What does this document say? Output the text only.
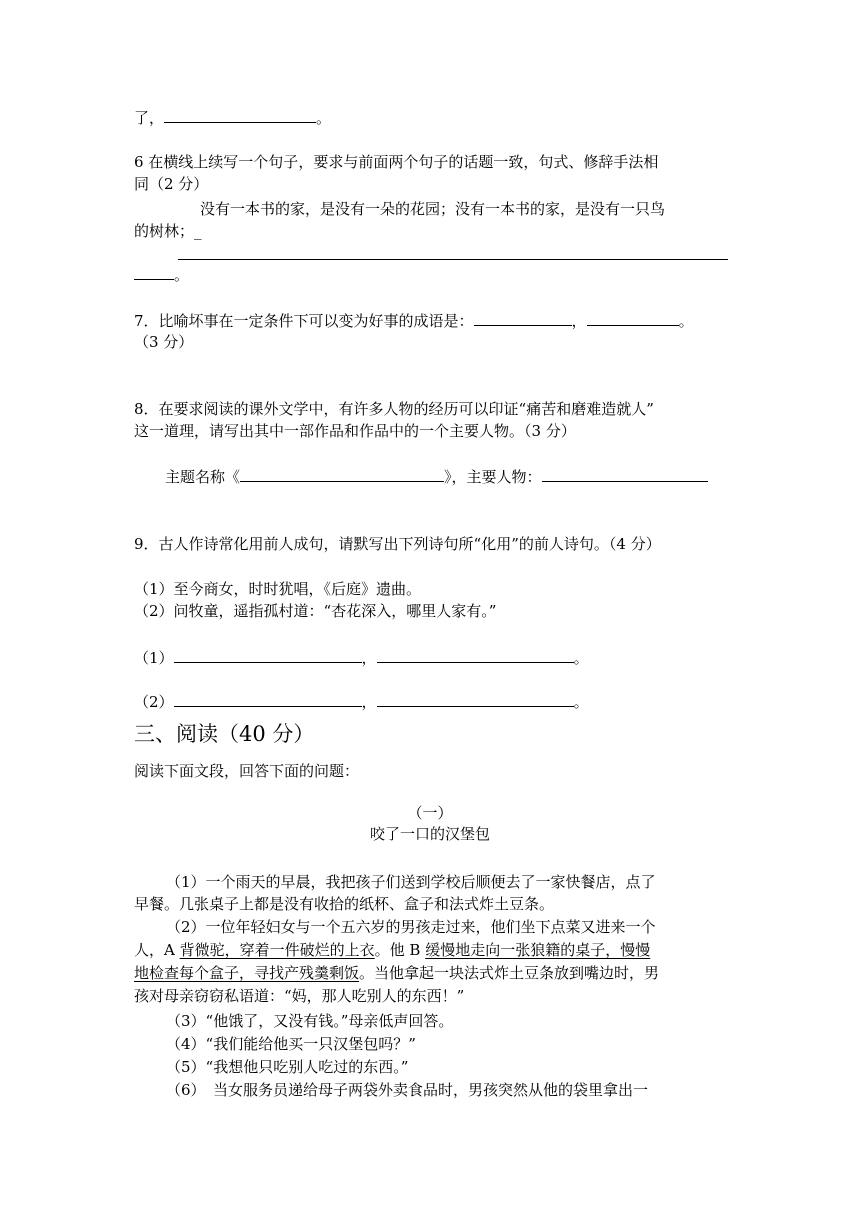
了，	。
6 在横线上续写一个句子，要求与前面两个句子的话题一致，句式、修辞手法相
同（2 分）
没有一本书的家，是没有一朵的花园；没有一本书的家，是没有一只鸟
的树林；_
。
7．比喻坏事在一定条件下可以变为好事的成语是：	，	。
（3 分）
8．在要求阅读的课外文学中，有许多人物的经历可以印证“痛苦和磨难造就人”
这一道理，请写出其中一部作品和作品中的一个主要人物。（3 分）
主题名称《	》，主要人物：
9．古人作诗常化用前人成句，请默写出下列诗句所“化用”的前人诗句。（4 分）
（1）至今商女，时时犹唱，《后庭》遗曲。
（2）问牧童，遥指孤村道：“杏花深入，哪里人家有。”
（1）	，	。
（2）	，	。
三、阅读（40 分）
阅读下面文段，回答下面的问题：
（一）
咬了一口的汉堡包
（1）一个雨天的早晨，我把孩子们送到学校后顺便去了一家快餐店，点了
早餐。几张桌子上都是没有收拾的纸杯、盒子和法式炸土豆条。
（2）一位年轻妇女与一个五六岁的男孩走过来，他们坐下点菜又进来一个
人，A 背微驼，穿着一件破烂的上衣。他 B 缓慢地走向一张狼籍的桌子，慢慢
地检查每个盒子，寻找产残羹剩饭。当他拿起一块法式炸土豆条放到嘴边时，男
孩对母亲窃窃私语道：“妈，那人吃别人的东西！”
（3）“他饿了，又没有钱。”母亲低声回答。
（4）“我们能给他买一只汉堡包吗？”
（5）“我想他只吃别人吃过的东西。”
（6）　当女服务员递给母子两袋外卖食品时，男孩突然从他的袋里拿出一
